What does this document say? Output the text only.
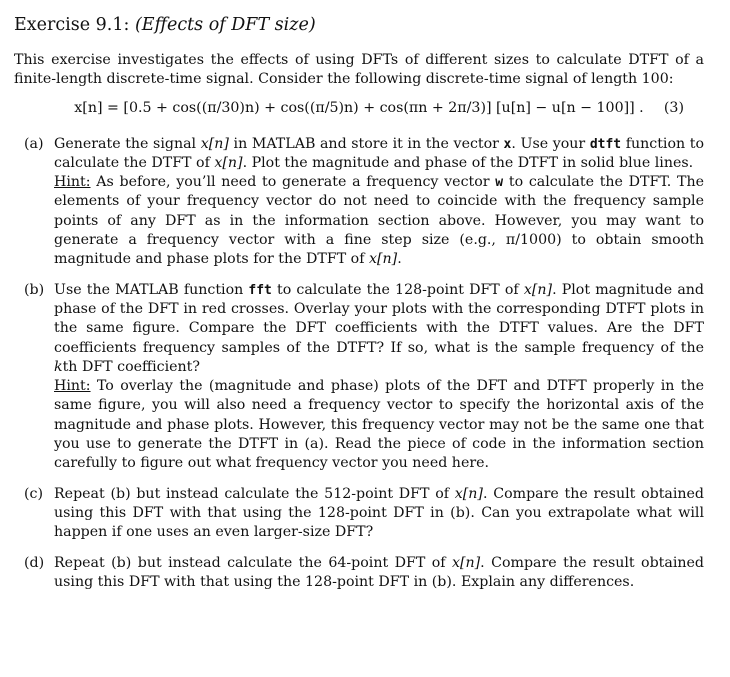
Exercise 9.1: (Effects of DFT size)

This exercise investigates the effects of using DFTs of different sizes to calculate DTFT of a finite-length discrete-time signal. Consider the following discrete-time signal of length 100:

x[n] = [0.5 + cos((π/30)n) + cos((π/5)n) + cos(πn + 2π/3)] [u[n] − u[n − 100]] . (3)
(a) Generate the signal x[n] in MATLAB and store it in the vector x. Use your dtft function to calculate the DTFT of x[n]. Plot the magnitude and phase of the DTFT in solid blue lines.

Hint: As before, you’ll need to generate a frequency vector w to calculate the DTFT. The elements of your frequency vector do not need to coincide with the frequency sample points of any DFT as in the information section above. However, you may want to generate a frequency vector with a fine step size (e.g., π/1000) to obtain smooth magnitude and phase plots for the DTFT of x[n].

(b) Use the MATLAB function fft to calculate the 128-point DFT of x[n]. Plot magnitude and phase of the DFT in red crosses. Overlay your plots with the corresponding DTFT plots in the same figure. Compare the DFT coefficients with the DTFT values. Are the DFT coefficients frequency samples of the DTFT? If so, what is the sample frequency of the kth DFT coefficient?

Hint: To overlay the (magnitude and phase) plots of the DFT and DTFT properly in the same figure, you will also need a frequency vector to specify the horizontal axis of the magnitude and phase plots. However, this frequency vector may not be the same one that you use to generate the DTFT in (a). Read the piece of code in the information section carefully to figure out what frequency vector you need here.

(c) Repeat (b) but instead calculate the 512-point DFT of x[n]. Compare the result obtained using this DFT with that using the 128-point DFT in (b). Can you extrapolate what will happen if one uses an even larger-size DFT?

(d) Repeat (b) but instead calculate the 64-point DFT of x[n]. Compare the result obtained using this DFT with that using the 128-point DFT in (b). Explain any differences.
